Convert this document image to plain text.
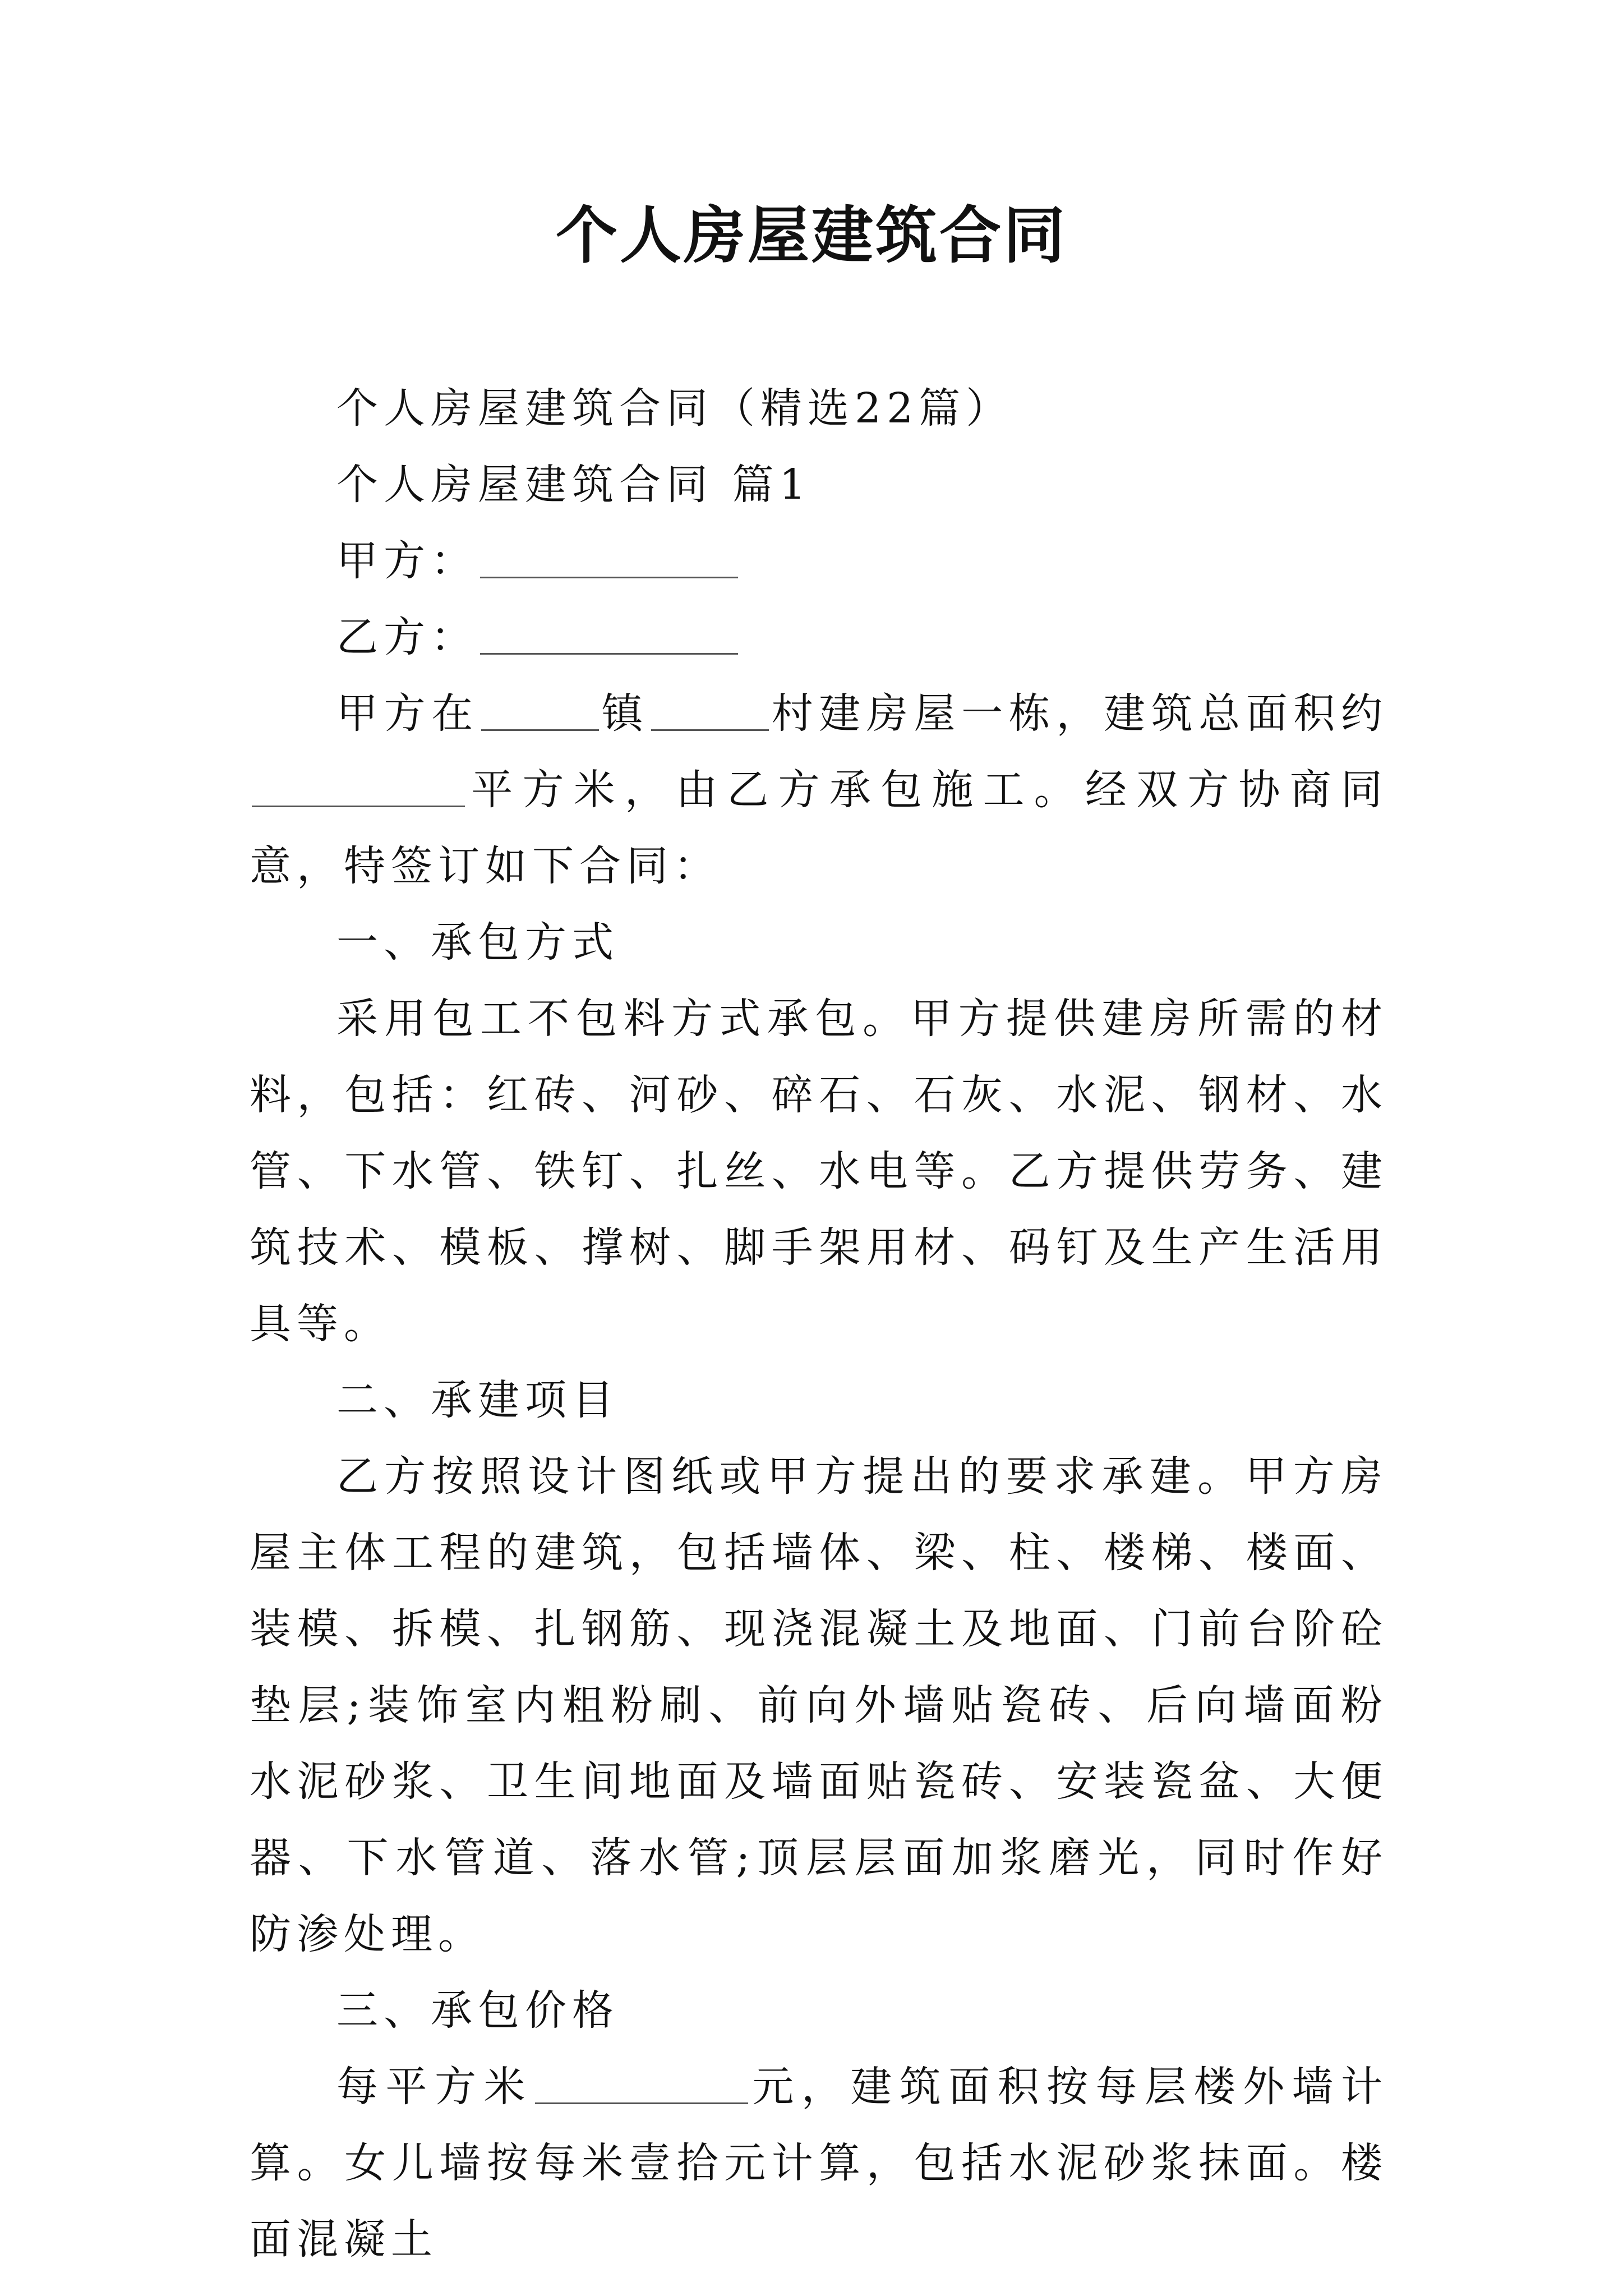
个人房屋建筑合同

个人房屋建筑合同（精选22篇）

个人房屋建筑合同 篇1

甲方：

乙方：

甲方在	镇	村建房屋一栋，建筑总面积约平方米，由乙方承包施工。经双方协商同意，特签订如下合同：

一、承包方式

采用包工不包料方式承包。甲方提供建房所需的材料，包括：红砖、河砂、碎石、石灰、水泥、钢材、水管、下水管、铁钉、扎丝、水电等。乙方提供劳务、建筑技术、模板、撑树、脚手架用材、码钉及生产生活用具等。

二、承建项目

乙方按照设计图纸或甲方提出的要求承建。甲方房屋主体工程的建筑，包括墙体、梁、柱、楼梯、楼面、装模、拆模、扎钢筋、现浇混凝土及地面、门前台阶砼垫层;装饰室内粗粉刷、前向外墙贴瓷砖、后向墙面粉水泥砂浆、卫生间地面及墙面贴瓷砖、安装瓷盆、大便器、下水管道、落水管;顶层层面加浆磨光，同时作好防渗处理。

三、承包价格

每平方米	元，建筑面积按每层楼外墙计算。女儿墙按每米壹拾元计算，包括水泥砂浆抹面。楼面混凝土
